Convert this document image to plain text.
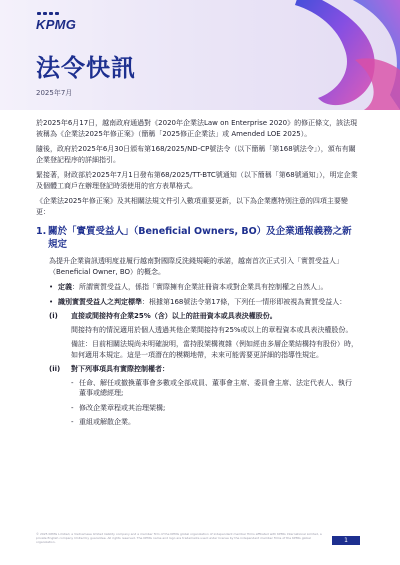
KPMG
法令快訊
2025年7月

於2025年6月17日，越南政府通過對《2020年企業法Law on Enterprise 2020》的修正條文，該法現被稱為《企業法2025年修正案》（簡稱「2025修正企業法」或 Amended LOE 2025）。

隨後，政府於2025年6月30日頒布第168/2025/ND-CP號法令（以下簡稱「第168號法令」），頒布有關企業登記程序的詳細指引。

緊接著，財政部於2025年7月1日發布第68/2025/TT-BTC號通知（以下簡稱「第68號通知」），明定企業及個體工商戶在辦理登記時須使用的官方表單格式。

《企業法2025年修正案》及其相關法規文件引入數項重要更新，以下為企業應特別注意的四項主要變更：

1. 關於「實質受益人」（Beneficial Owners, BO）及企業通報義務之新規定

為提升企業資訊透明度並履行越南對國際反洗錢規範的承諾，越南首次正式引入「實質受益人」（Beneficial Owner, BO）的概念。

• 定義：所謂實質受益人，係指「實際擁有企業註冊資本或對企業具有控制權之自然人」。
• 識別實質受益人之判定標準：根據第168號法令第17條，下列任一情形即被視為實質受益人：
(i)	直接或間接持有企業25%（含）以上的註冊資本或具表決權股份。

間接持有的情況適用於個人透過其他企業間接持有25%或以上的章程資本或具表決權股份。

備註：目前相關法規尚未明確說明，當持股架構複雜（例如經由多層企業結構持有股份）時，如何適用本規定。這是一項潛在的模糊地帶，未來可能需要更詳細的指導性規定。

(ii)	對下列事項具有實際控制權者：
- 任命、解任或撤換董事會多數或全部成員、董事會主席、委員會主席、法定代表人、執行董事或總經理;
- 修改企業章程或其治理架構;
- 重組或解散企業。
© 2025 KPMG Limited, a Vietnamese limited liability company and a member firm of the KPMG global organization of independent member firms affiliated with KPMG International Limited, a private English company limited by guarantee. All rights reserved. The KPMG name and logo are trademarks used under license by the independent member firms of the KPMG global organization.	1
